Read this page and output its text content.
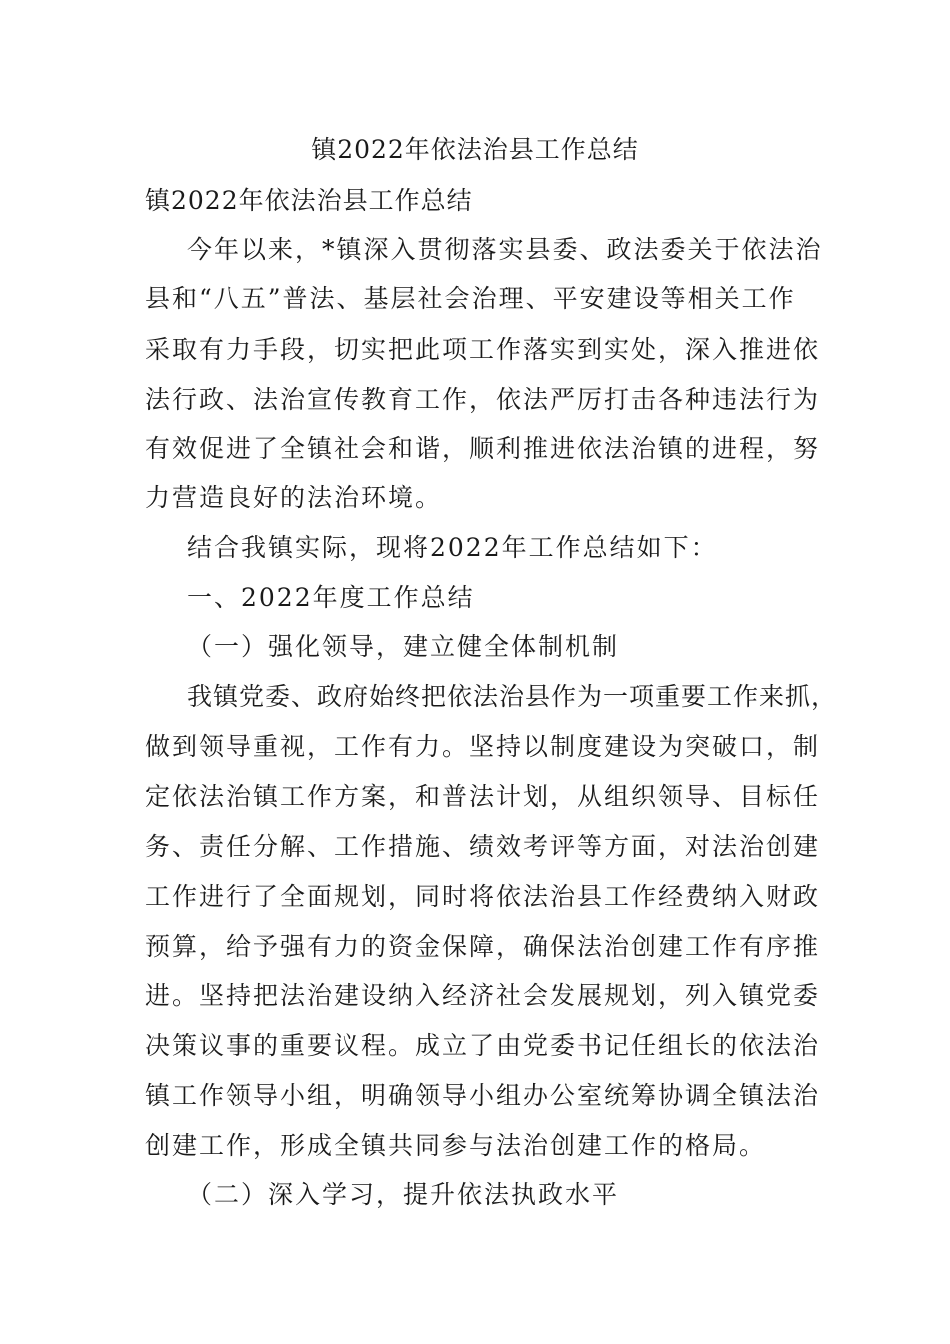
镇2022年依法治县工作总结
镇2022年依法治县工作总结

今年以来，*镇深入贯彻落实县委、政法委关于依法治

县和“八五”普法、基层社会治理、平安建设等相关工作

采取有力手段，切实把此项工作落实到实处，深入推进依

法行政、法治宣传教育工作，依法严厉打击各种违法行为

有效促进了全镇社会和谐，顺利推进依法治镇的进程，努

力营造良好的法治环境。

结合我镇实际，现将2022年工作总结如下：

一、2022年度工作总结

（一）强化领导，建立健全体制机制

我镇党委、政府始终把依法治县作为一项重要工作来抓，

做到领导重视，工作有力。坚持以制度建设为突破口，制

定依法治镇工作方案，和普法计划，从组织领导、目标任

务、责任分解、工作措施、绩效考评等方面，对法治创建

工作进行了全面规划，同时将依法治县工作经费纳入财政

预算，给予强有力的资金保障，确保法治创建工作有序推

进。坚持把法治建设纳入经济社会发展规划，列入镇党委

决策议事的重要议程。成立了由党委书记任组长的依法治

镇工作领导小组，明确领导小组办公室统筹协调全镇法治

创建工作，形成全镇共同参与法治创建工作的格局。

（二）深入学习，提升依法执政水平
